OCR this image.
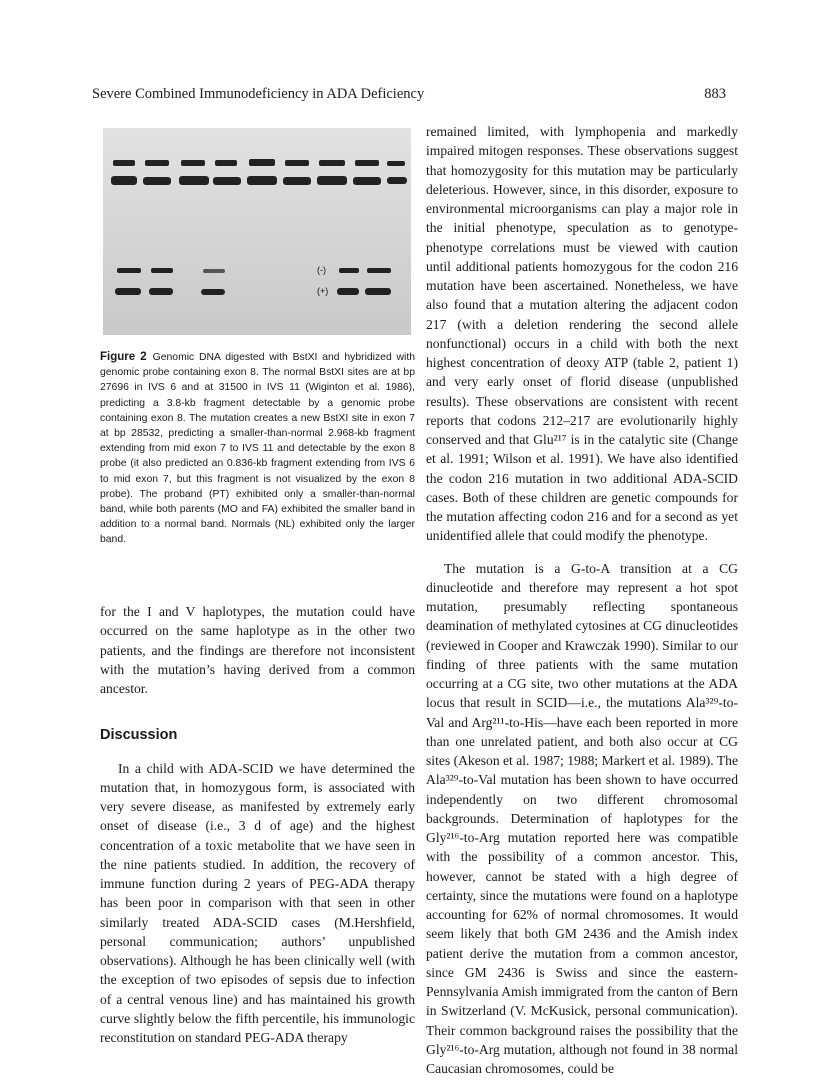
Severe Combined Immunodeficiency in ADA Deficiency	883
(-)
(+)
Figure 2 Genomic DNA digested with BstXI and hybridized with genomic probe containing exon 8. The normal BstXI sites are at bp 27696 in IVS 6 and at 31500 in IVS 11 (Wiginton et al. 1986), predicting a 3.8-kb fragment detectable by a genomic probe containing exon 8. The mutation creates a new BstXI site in exon 7 at bp 28532, predicting a smaller-than-normal 2.968-kb fragment extending from mid exon 7 to IVS 11 and detectable by the exon 8 probe (it also predicted an 0.836-kb fragment extending from IVS 6 to mid exon 7, but this fragment is not visualized by the exon 8 probe). The proband (PT) exhibited only a smaller-than-normal band, while both parents (MO and FA) exhibited the smaller band in addition to a normal band. Normals (NL) exhibited only the larger band.

for the I and V haplotypes, the mutation could have occurred on the same haplotype as in the other two patients, and the findings are therefore not inconsistent with the mutation’s having derived from a common ancestor.

Discussion

In a child with ADA-SCID we have determined the mutation that, in homozygous form, is associated with very severe disease, as manifested by extremely early onset of disease (i.e., 3 d of age) and the highest concentration of a toxic metabolite that we have seen in the nine patients studied. In addition, the recovery of immune function during 2 years of PEG-ADA therapy has been poor in comparison with that seen in other similarly treated ADA-SCID cases (M.Hershfield, personal communication; authors’ unpublished observations). Although he has been clinically well (with the exception of two episodes of sepsis due to infection of a central venous line) and has maintained his growth curve slightly below the fifth percentile, his immunologic reconstitution on standard PEG-ADA therapy

remained limited, with lymphopenia and markedly impaired mitogen responses. These observations suggest that homozygosity for this mutation may be particularly deleterious. However, since, in this disorder, exposure to environmental microorganisms can play a major role in the initial phenotype, speculation as to genotype-phenotype correlations must be viewed with caution until additional patients homozygous for the codon 216 mutation have been ascertained. Nonetheless, we have also found that a mutation altering the adjacent codon 217 (with a deletion rendering the second allele nonfunctional) occurs in a child with both the next highest concentration of deoxy ATP (table 2, patient 1) and very early onset of florid disease (unpublished results). These observations are consistent with recent reports that codons 212–217 are evolutionarily highly conserved and that Glu²¹⁷ is in the catalytic site (Change et al. 1991; Wilson et al. 1991). We have also identified the codon 216 mutation in two additional ADA-SCID cases. Both of these children are genetic compounds for the mutation affecting codon 216 and for a second as yet unidentified allele that could modify the phenotype.

The mutation is a G-to-A transition at a CG dinucleotide and therefore may represent a hot spot mutation, presumably reflecting spontaneous deamination of methylated cytosines at CG dinucleotides (reviewed in Cooper and Krawczak 1990). Similar to our finding of three patients with the same mutation occurring at a CG site, two other mutations at the ADA locus that result in SCID—i.e., the mutations Ala³²⁹-to-Val and Arg²¹¹-to-His—have each been reported in more than one unrelated patient, and both also occur at CG sites (Akeson et al. 1987; 1988; Markert et al. 1989). The Ala³²⁹-to-Val mutation has been shown to have occurred independently on two different chromosomal backgrounds. Determination of haplotypes for the Gly²¹⁶-to-Arg mutation reported here was compatible with the possibility of a common ancestor. This, however, cannot be stated with a high degree of certainty, since the mutations were found on a haplotype accounting for 62% of normal chromosomes. It would seem likely that both GM 2436 and the Amish index patient derive the mutation from a common ancestor, since GM 2436 is Swiss and since the eastern-Pennsylvania Amish immigrated from the canton of Bern in Switzerland (V. McKusick, personal communication). Their common background raises the possibility that the Gly²¹⁶-to-Arg mutation, although not found in 38 normal Caucasian chromosomes, could be
